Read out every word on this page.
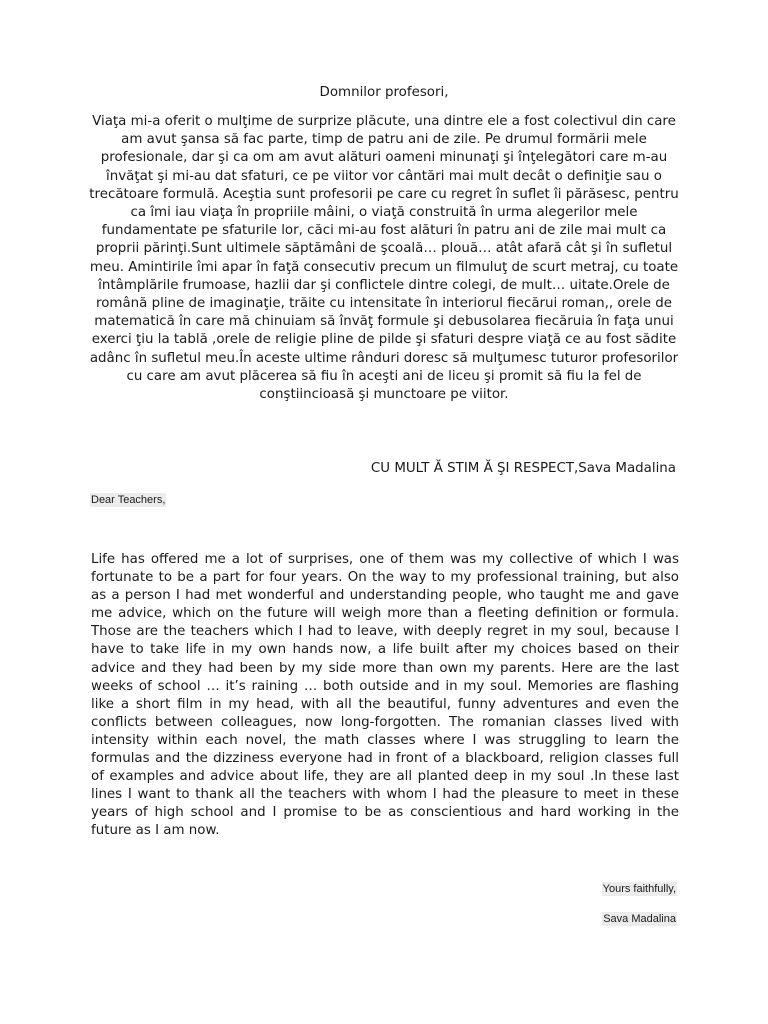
Domnilor profesori,

Viaţa mi-a oferit o mulţime de surprize plăcute, una dintre ele a fost colectivul din care am avut şansa să fac parte, timp de patru ani de zile. Pe drumul formării mele profesionale, dar şi ca om am avut alături oameni minunaţi şi înţelegători care m-au învăţat şi mi-au dat sfaturi, ce pe viitor vor cântări mai mult decât o definiţie sau o trecătoare formulă. Aceştia sunt profesorii pe care cu regret în suflet îi părăsesc, pentru ca îmi iau viaţa în propriile mâini, o viaţă construită în urma alegerilor mele fundamentate pe sfaturile lor, căci mi-au fost alături în patru ani de zile mai mult ca proprii părinţi.Sunt ultimele săptămâni de şcoală… plouă… atât afară cât şi în sufletul meu. Amintirile îmi apar în faţă consecutiv precum un filmuluţ de scurt metraj, cu toate întâmplările frumoase, hazlii dar şi conflictele dintre colegi, de mult… uitate.Orele de română pline de imaginaţie, trăite cu intensitate în interiorul fiecărui roman,, orele de matematică în care mă chinuiam să învăţ formule şi debusolarea fiecăruia în faţa unui exerci ţiu la tablă ,orele de religie pline de pilde şi sfaturi despre viaţă ce au fost sădite adânc în sufletul meu.În aceste ultime rânduri doresc să mulţumesc tuturor profesorilor cu care am avut plăcerea să fiu în aceşti ani de liceu şi promit să fiu la fel de conştiincioasă şi munctoare pe viitor.

CU MULT Ă STIM Ă ŞI RESPECT,Sava Madalina

Dear Teachers,

Life has offered me a lot of surprises, one of them was my collective of which I was fortunate to be a part for four years. On the way to my professional training, but also as a person I had met wonderful and understanding people, who taught me and gave me advice, which on the future will weigh more than a fleeting definition or formula. Those are the teachers which I had to leave, with deeply regret in my soul, because I have to take life in my own hands now, a life built after my choices based on their advice and they had been by my side more than own my parents. Here are the last weeks of school … it’s raining … both outside and in my soul. Memories are flashing like a short film in my head, with all the beautiful, funny adventures and even the conflicts between colleagues, now long-forgotten. The romanian classes lived with intensity within each novel, the math classes where I was struggling to learn the formulas and the dizziness everyone had in front of a blackboard, religion classes full of examples and advice about life, they are all planted deep in my soul .In these last lines I want to thank all the teachers with whom I had the pleasure to meet in these years of high school and I promise to be as conscientious and hard working in the future as I am now.

Yours faithfully,

Sava Madalina
